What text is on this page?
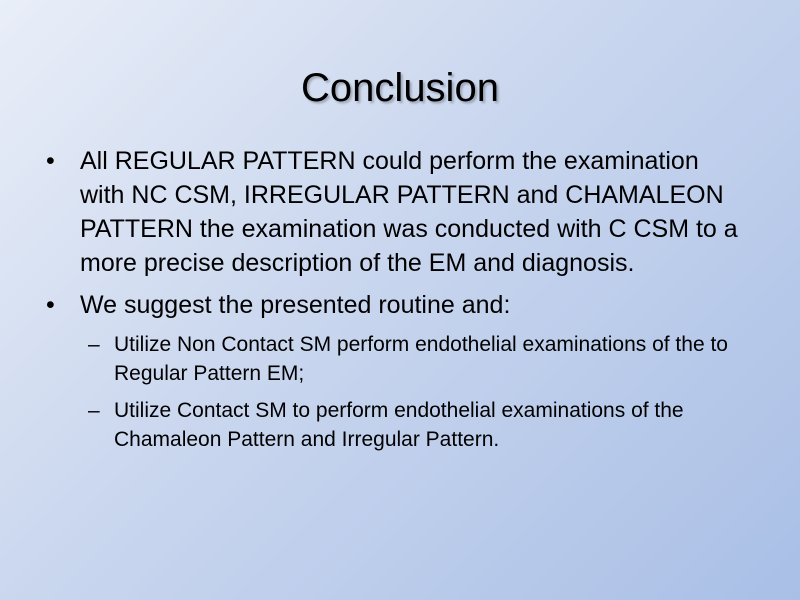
Conclusion
•	All REGULAR PATTERN could perform the examination with NC CSM, IRREGULAR PATTERN and CHAMALEON PATTERN the examination was conducted with C CSM to a more precise description of the EM and diagnosis.
•	We suggest the presented routine and:
– Utilize Non Contact SM perform endothelial examinations of the to Regular Pattern EM;
– Utilize Contact SM to perform endothelial examinations of the Chamaleon Pattern and Irregular Pattern.
